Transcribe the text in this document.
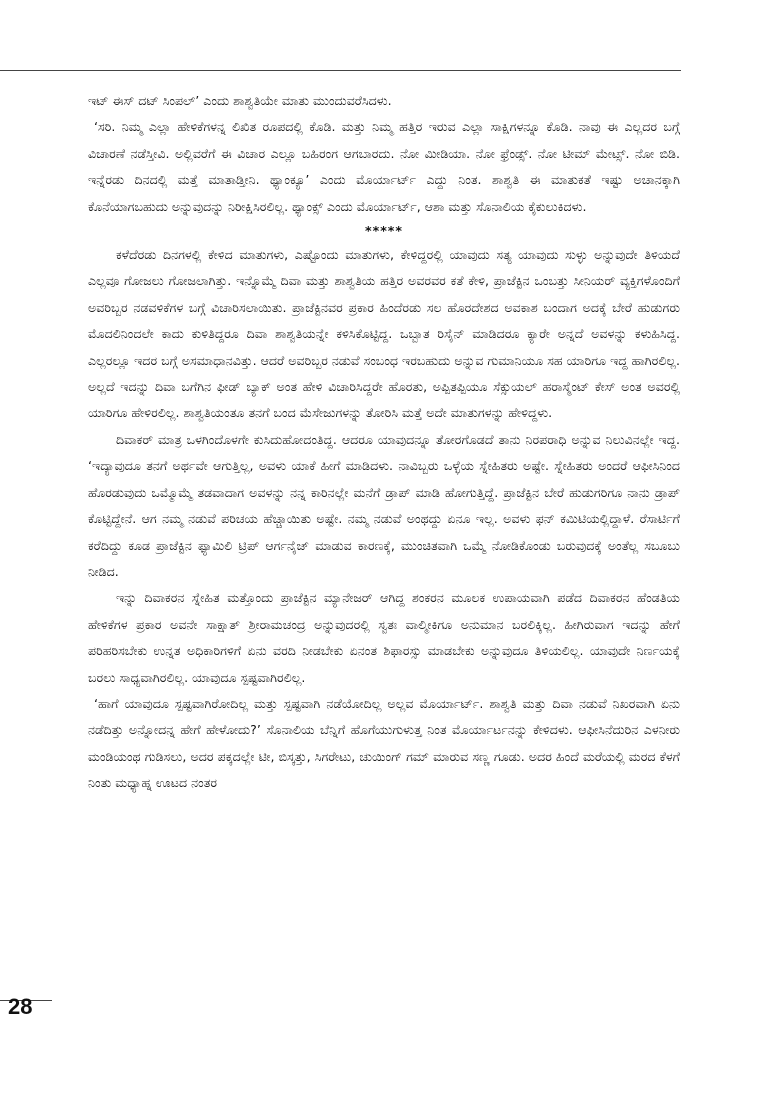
ಇಟ್ ಈಸ್ ದಟ್ ಸಿಂಪಲ್’ ಎಂದು ಶಾಶ್ವತಿಯೇ ಮಾತು ಮುಂದುವರೆಸಿದಳು.

‘ಸರಿ. ನಿಮ್ಮ ಎಲ್ಲಾ ಹೇಳಿಕೆಗಳನ್ನ ಲಿಖಿತ ರೂಪದಲ್ಲಿ ಕೊಡಿ. ಮತ್ತು ನಿಮ್ಮ ಹತ್ತಿರ ಇರುವ ಎಲ್ಲಾ ಸಾಕ್ಷಿಗಳನ್ನೂ ಕೊಡಿ. ನಾವು ಈ ಎಲ್ಲದರ ಬಗ್ಗೆ ವಿಚಾರಣೆ ನಡೆಸ್ತೀವಿ. ಅಲ್ಲಿವರೆಗೆ ಈ ವಿಚಾರ ಎಲ್ಲೂ ಬಹಿರಂಗ ಆಗಬಾರದು. ನೋ ಮೀಡಿಯಾ. ನೋ ಫ್ರೆಂಡ್ಸ್. ನೋ ಟೀಮ್ ಮೇಟ್ಸ್. ನೋ ಬಿಡಿ. ಇನ್ನೆರಡು ದಿನದಲ್ಲಿ ಮತ್ತೆ ಮಾತಾಡ್ತೀನಿ. ಥ್ಯಾಂಕ್ಯೂ’ ಎಂದು ಮೊರ್ಯಾರ್ಟ್ ಎದ್ದು ನಿಂತ. ಶಾಶ್ವತಿ ಈ ಮಾತುಕತೆ ಇಷ್ಟು ಅಚಾನಕ್ಕಾಗಿ ಕೊನೆಯಾಗಬಹುದು ಅನ್ನುವುದನ್ನು ನಿರೀಕ್ಷಿಸಿರಲಿಲ್ಲ. ಥ್ಯಾಂಕ್ಸ್ ಎಂದು ಮೊರ್ಯಾರ್ಟ್, ಆಶಾ ಮತ್ತು ಸೊನಾಲಿಯ ಕೈಕುಲುಕಿದಳು.

*****

ಕಳೆದೆರಡು ದಿನಗಳಲ್ಲಿ ಕೇಳಿದ ಮಾತುಗಳು, ಎಷ್ಟೊಂದು ಮಾತುಗಳು, ಕೇಳಿದ್ದರಲ್ಲಿ ಯಾವುದು ಸತ್ಯ ಯಾವುದು ಸುಳ್ಳು ಅನ್ನುವುದೇ ತಿಳಿಯದೆ ಎಲ್ಲವೂ ಗೋಜಲು ಗೋಜಲಾಗಿತ್ತು. ಇನ್ನೊಮ್ಮೆ ದಿವಾ ಮತ್ತು ಶಾಶ್ವತಿಯ ಹತ್ತಿರ ಅವರವರ ಕತೆ ಕೇಳಿ, ಪ್ರಾಜೆಕ್ಟಿನ ಒಂಬತ್ತು ಸೀನಿಯರ್ ವ್ಯಕ್ತಿಗಳೊಂದಿಗೆ ಅವರಿಬ್ಬರ ನಡವಳಿಕೆಗಳ ಬಗ್ಗೆ ವಿಚಾರಿಸಲಾಯಿತು. ಪ್ರಾಜೆಕ್ಟಿನವರ ಪ್ರಕಾರ ಹಿಂದೆರಡು ಸಲ ಹೊರದೇಶದ ಅವಕಾಶ ಬಂದಾಗ ಅದಕ್ಕೆ ಬೇರೆ ಹುಡುಗರು ಮೊದಲಿನಿಂದಲೇ ಕಾದು ಕುಳಿತಿದ್ದರೂ ದಿವಾ ಶಾಶ್ವತಿಯನ್ನೇ ಕಳಿಸಿಕೊಟ್ಟಿದ್ದ. ಒಬ್ಬಾತ ರಿಸೈನ್ ಮಾಡಿದರೂ ಕ್ಯಾರೇ ಅನ್ನದೆ ಅವಳನ್ನು ಕಳುಹಿಸಿದ್ದ. ಎಲ್ಲರಲ್ಲೂ ಇದರ ಬಗ್ಗೆ ಅಸಮಾಧಾನವಿತ್ತು. ಆದರೆ ಅವರಿಬ್ಬರ ನಡುವೆ ಸಂಬಂಧ ಇರಬಹುದು ಅನ್ನುವ ಗುಮಾನಿಯೂ ಸಹ ಯಾರಿಗೂ ಇದ್ದ ಹಾಗಿರಲಿಲ್ಲ. ಅಲ್ಲದೆ ಇದನ್ನು ದಿವಾ ಬಗೆಗಿನ ಫೀಡ್ ಬ್ಯಾಕ್ ಅಂತ ಹೇಳಿ ವಿಚಾರಿಸಿದ್ದರೇ ಹೊರತು, ಅಪ್ಪಿತಪ್ಪಿಯೂ ಸೆಕ್ಸುಯಲ್ ಹರಾಸ್ಮೆಂಟ್ ಕೇಸ್ ಅಂತ ಅವರಲ್ಲಿ ಯಾರಿಗೂ ಹೇಳಿರಲಿಲ್ಲ. ಶಾಶ್ವತಿಯಂತೂ ತನಗೆ ಬಂದ ಮೆಸೇಜುಗಳನ್ನು ತೋರಿಸಿ ಮತ್ತೆ ಅದೇ ಮಾತುಗಳನ್ನು ಹೇಳಿದ್ದಳು.

ದಿವಾಕರ್ ಮಾತ್ರ ಒಳಗಿಂದೊಳಗೇ ಕುಸಿದುಹೋದಂತಿದ್ದ. ಆದರೂ ಯಾವುದನ್ನೂ ತೋರಗೊಡದೆ ತಾನು ನಿರಪರಾಧಿ ಅನ್ನುವ ನಿಲುವಿನಲ್ಲೇ ಇದ್ದ. ‘ಇದ್ಯಾವುದೂ ತನಗೆ ಅರ್ಥವೇ ಆಗುತ್ತಿಲ್ಲ, ಅವಳು ಯಾಕೆ ಹೀಗೆ ಮಾಡಿದಳು. ನಾವಿಬ್ಬರು ಒಳ್ಳೆಯ ಸ್ನೇಹಿತರು ಅಷ್ಟೇ. ಸ್ನೇಹಿತರು ಅಂದರೆ ಆಫೀಸಿನಿಂದ ಹೊರಡುವುದು ಒಮ್ಮೊಮ್ಮೆ ತಡವಾದಾಗ ಅವಳನ್ನು ನನ್ನ ಕಾರಿನಲ್ಲೇ ಮನೆಗೆ ಡ್ರಾಪ್ ಮಾಡಿ ಹೋಗುತ್ತಿದ್ದೆ. ಪ್ರಾಜೆಕ್ಟಿನ ಬೇರೆ ಹುಡುಗರಿಗೂ ನಾನು ಡ್ರಾಪ್ ಕೊಟ್ಟಿದ್ದೇನೆ. ಆಗ ನಮ್ಮ ನಡುವೆ ಪರಿಚಯ ಹೆಚ್ಚಾಯಿತು ಅಷ್ಟೇ. ನಮ್ಮ ನಡುವೆ ಅಂಥದ್ದು ಏನೂ ಇಲ್ಲ. ಅವಳು ಫನ್ ಕಮಿಟಿಯಲ್ಲಿದ್ದಾಳೆ. ರೆಸಾರ್ಟಿಗೆ ಕರೆದಿದ್ದು ಕೂಡ ಪ್ರಾಜೆಕ್ಟಿನ ಫ್ಯಾಮಿಲಿ ಟ್ರಿಪ್ ಆರ್ಗನೈಜ್ ಮಾಡುವ ಕಾರಣಕ್ಕೆ, ಮುಂಚಿತವಾಗಿ ಒಮ್ಮೆ ನೋಡಿಕೊಂಡು ಬರುವುದಕ್ಕೆ ಅಂತೆಲ್ಲ ಸಬೂಬು ನೀಡಿದ.

ಇನ್ನು ದಿವಾಕರನ ಸ್ನೇಹಿತ ಮತ್ತೊಂದು ಪ್ರಾಜೆಕ್ಟಿನ ಮ್ಯಾನೇಜರ್ ಆಗಿದ್ದ ಶಂಕರನ ಮೂಲಕ ಉಪಾಯವಾಗಿ ಪಡೆದ ದಿವಾಕರನ ಹೆಂಡತಿಯ ಹೇಳಿಕೆಗಳ ಪ್ರಕಾರ ಅವನೇ ಸಾಕ್ಷಾತ್ ಶ್ರೀರಾಮಚಂದ್ರ ಅನ್ನುವುದರಲ್ಲಿ ಸ್ವತಃ ವಾಲ್ಮೀಕಿಗೂ ಅನುಮಾನ ಬರಲಿಕ್ಕಿಲ್ಲ. ಹೀಗಿರುವಾಗ ಇದನ್ನು ಹೇಗೆ ಪರಿಹರಿಸಬೇಕು ಉನ್ನತ ಅಧಿಕಾರಿಗಳಿಗೆ ಏನು ವರದಿ ನೀಡಬೇಕು ಏನಂತ ಶಿಫಾರಸ್ಸು ಮಾಡಬೇಕು ಅನ್ನುವುದೂ ತಿಳಿಯಲಿಲ್ಲ. ಯಾವುದೇ ನಿರ್ಣಯಕ್ಕೆ ಬರಲು ಸಾಧ್ಯವಾಗಿರಲಿಲ್ಲ. ಯಾವುದೂ ಸ್ಪಷ್ಟವಾಗಿರಲಿಲ್ಲ.

‘ಹಾಗೆ ಯಾವುದೂ ಸ್ಪಷ್ಟವಾಗಿರೋದಿಲ್ಲ ಮತ್ತು ಸ್ಪಷ್ಟವಾಗಿ ನಡೆಯೋದಿಲ್ಲ ಅಲ್ಲವ ಮೊರ್ಯಾರ್ಟ್. ಶಾಶ್ವತಿ ಮತ್ತು ದಿವಾ ನಡುವೆ ನಿಖರವಾಗಿ ಏನು ನಡೆದಿತ್ತು ಅನ್ನೋದನ್ನ ಹೇಗೆ ಹೇಳೋದು?’ ಸೊನಾಲಿಯ ಬೆನ್ನಿಗೆ ಹೊಗೆಯುಗುಳುತ್ತ ನಿಂತ ಮೊರ್ಯಾರ್ಟನನ್ನು ಕೇಳಿದಳು. ಆಫೀಸಿನೆದುರಿನ ಎಳನೀರು ಮಂಡಿಯಂಥ ಗುಡಿಸಲು, ಅದರ ಪಕ್ಕದಲ್ಲೇ ಟೀ, ಬಿಸ್ಕತ್ತು, ಸಿಗರೇಟು, ಚುಯಿಂಗ್ ಗಮ್ ಮಾರುವ ಸಣ್ಣ ಗೂಡು. ಅದರ ಹಿಂದೆ ಮರೆಯಲ್ಲಿ ಮರದ ಕೆಳಗೆ ನಿಂತು ಮಧ್ಯಾಹ್ನ ಊಟದ ನಂತರ

28
